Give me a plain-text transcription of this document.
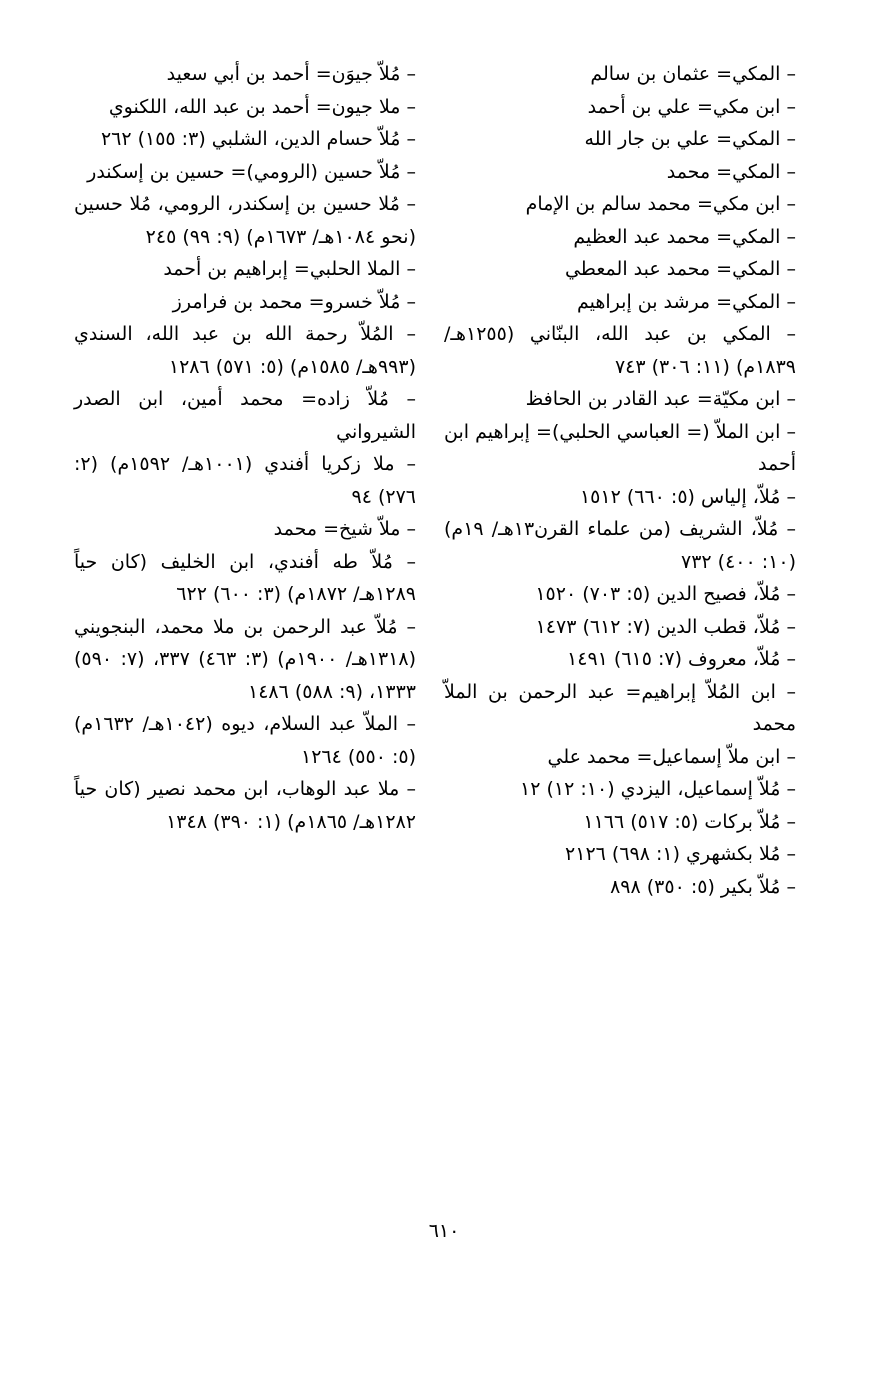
– المكي= عثمان بن سالم

– ابن مكي= علي بن أحمد

– المكي= علي بن جار الله

– المكي= محمد

– ابن مكي= محمد سالم بن الإمام

– المكي= محمد عبد العظيم

– المكي= محمد عبد المعطي

– المكي= مرشد بن إبراهيم

– المكي بن عبد الله، البنّاني (١٢٥٥هـ/ ١٨٣٩م) (١١: ٣٠٦) ٧٤٣

– ابن مكيّة= عبد القادر بن الحافظ

– ابن الملاّ (= العباسي الحلبي)= إبراهيم ابن أحمد

– مُلاّ، إلياس (٥: ٦٦٠) ١٥١٢

– مُلاّ، الشريف (من علماء القرن١٣هـ/ ١٩م) (١٠: ٤٠٠) ٧٣٢

– مُلاّ، فصيح الدين (٥: ٧٠٣) ١٥٢٠

– مُلاّ، قطب الدين (٧: ٦١٢) ١٤٧٣

– مُلاّ، معروف (٧: ٦١٥) ١٤٩١

– ابن المُلاّ إبراهيم= عبد الرحمن بن الملاّ محمد

– ابن ملاّ إسماعيل= محمد علي

– مُلاّ إسماعيل، اليزدي (١٠: ١٢) ١٢

– مُلاّ بركات (٥: ٥١٧) ١١٦٦

– مُلا بكشهري (١: ٦٩٨) ٢١٢٦

– مُلاّ بكير (٥: ٣٥٠) ٨٩٨

– مُلاّ جيوَن= أحمد بن أبي سعيد

– ملا جيون= أحمد بن عبد الله، اللكنوي

– مُلاّ حسام الدين، الشلبي (٣: ١٥٥) ٢٦٢

– مُلاّ حسين (الرومي)= حسين بن إسكندر

– مُلا حسين بن إسكندر، الرومي، مُلا حسين (نحو ١٠٨٤هـ/ ١٦٧٣م) (٩: ٩٩) ٢٤٥

– الملا الحلبي= إبراهيم بن أحمد

– مُلاّ خسرو= محمد بن فرامرز

– المُلاّ رحمة الله بن عبد الله، السندي (٩٩٣هـ/ ١٥٨٥م) (٥: ٥٧١) ١٢٨٦

– مُلاّ زاده= محمد أمين، ابن الصدر الشيرواني

– ملا زكريا أفندي (١٠٠١هـ/ ١٥٩٢م) (٢: ٢٧٦) ٩٤

– ملاّ شيخ= محمد

– مُلاّ طه أفندي، ابن الخليف (كان حياً ١٢٨٩هـ/ ١٨٧٢م) (٣: ٦٠٠) ٦٢٢

– مُلاّ عبد الرحمن بن ملا محمد، البنجويني (١٣١٨هـ/ ١٩٠٠م) (٣: ٤٦٣) ٣٣٧، (٧: ٥٩٠) ١٣٣٣، (٩: ٥٨٨) ١٤٨٦

– الملاّ عبد السلام، ديوه (١٠٤٢هـ/ ١٦٣٢م) (٥: ٥٥٠) ١٢٦٤

– ملا عبد الوهاب، ابن محمد نصير (كان حياً ١٢٨٢هـ/ ١٨٦٥م) (١: ٣٩٠) ١٣٤٨

٦١٠
